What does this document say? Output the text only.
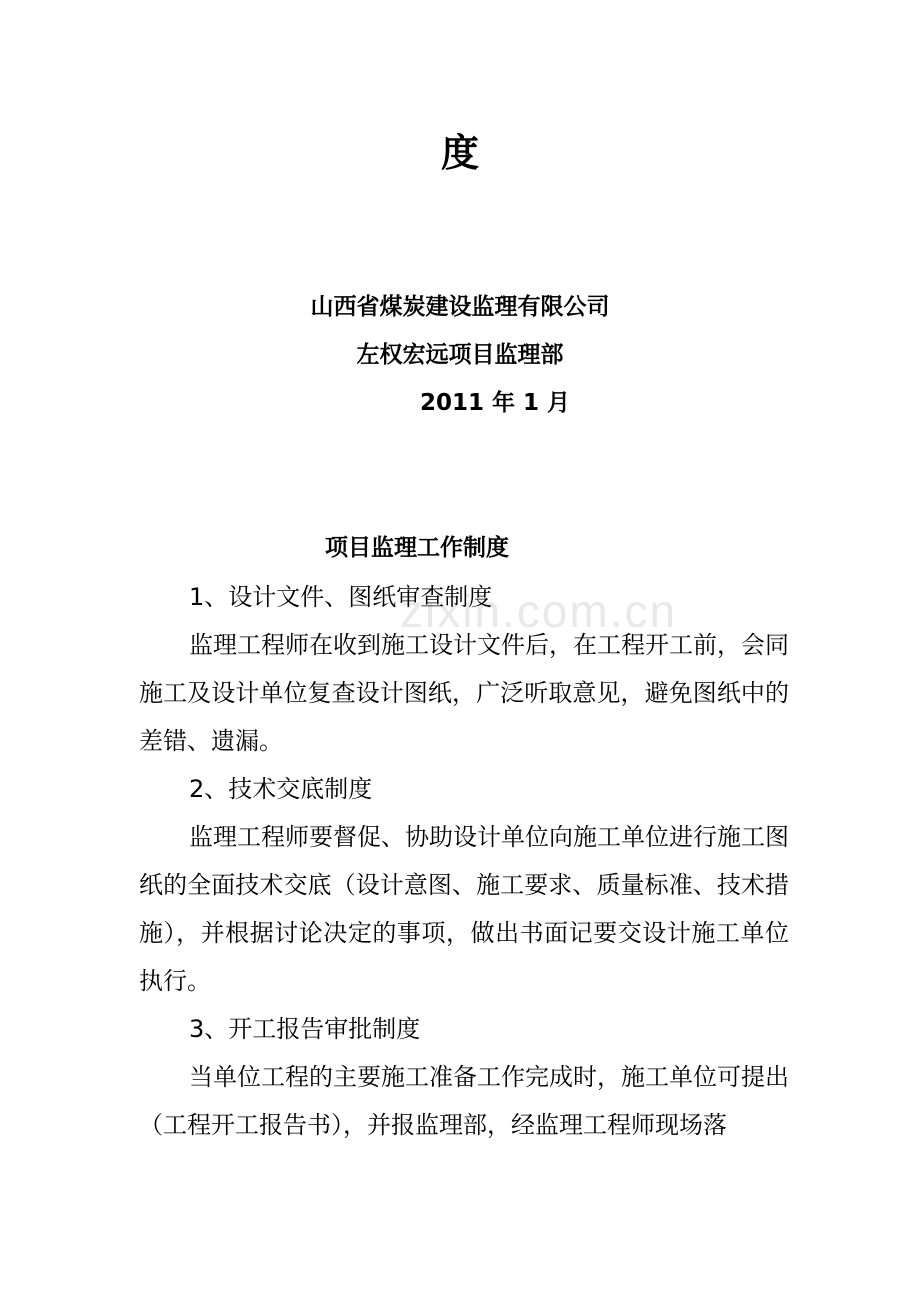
度
山西省煤炭建设监理有限公司
左权宏远项目监理部
2011 年 1 月
项目监理工作制度
zixin.com.cn

1、设计文件、图纸审查制度

监理工程师在收到施工设计文件后，在工程开工前，会同施工及设计单位复查设计图纸，广泛听取意见，避免图纸中的差错、遗漏。

2、技术交底制度

监理工程师要督促、协助设计单位向施工单位进行施工图纸的全面技术交底（设计意图、施工要求、质量标准、技术措施），并根据讨论决定的事项，做出书面记要交设计施工单位执行。

3、开工报告审批制度

当单位工程的主要施工准备工作完成时，施工单位可提出（工程开工报告书），并报监理部，经监理工程师现场落
